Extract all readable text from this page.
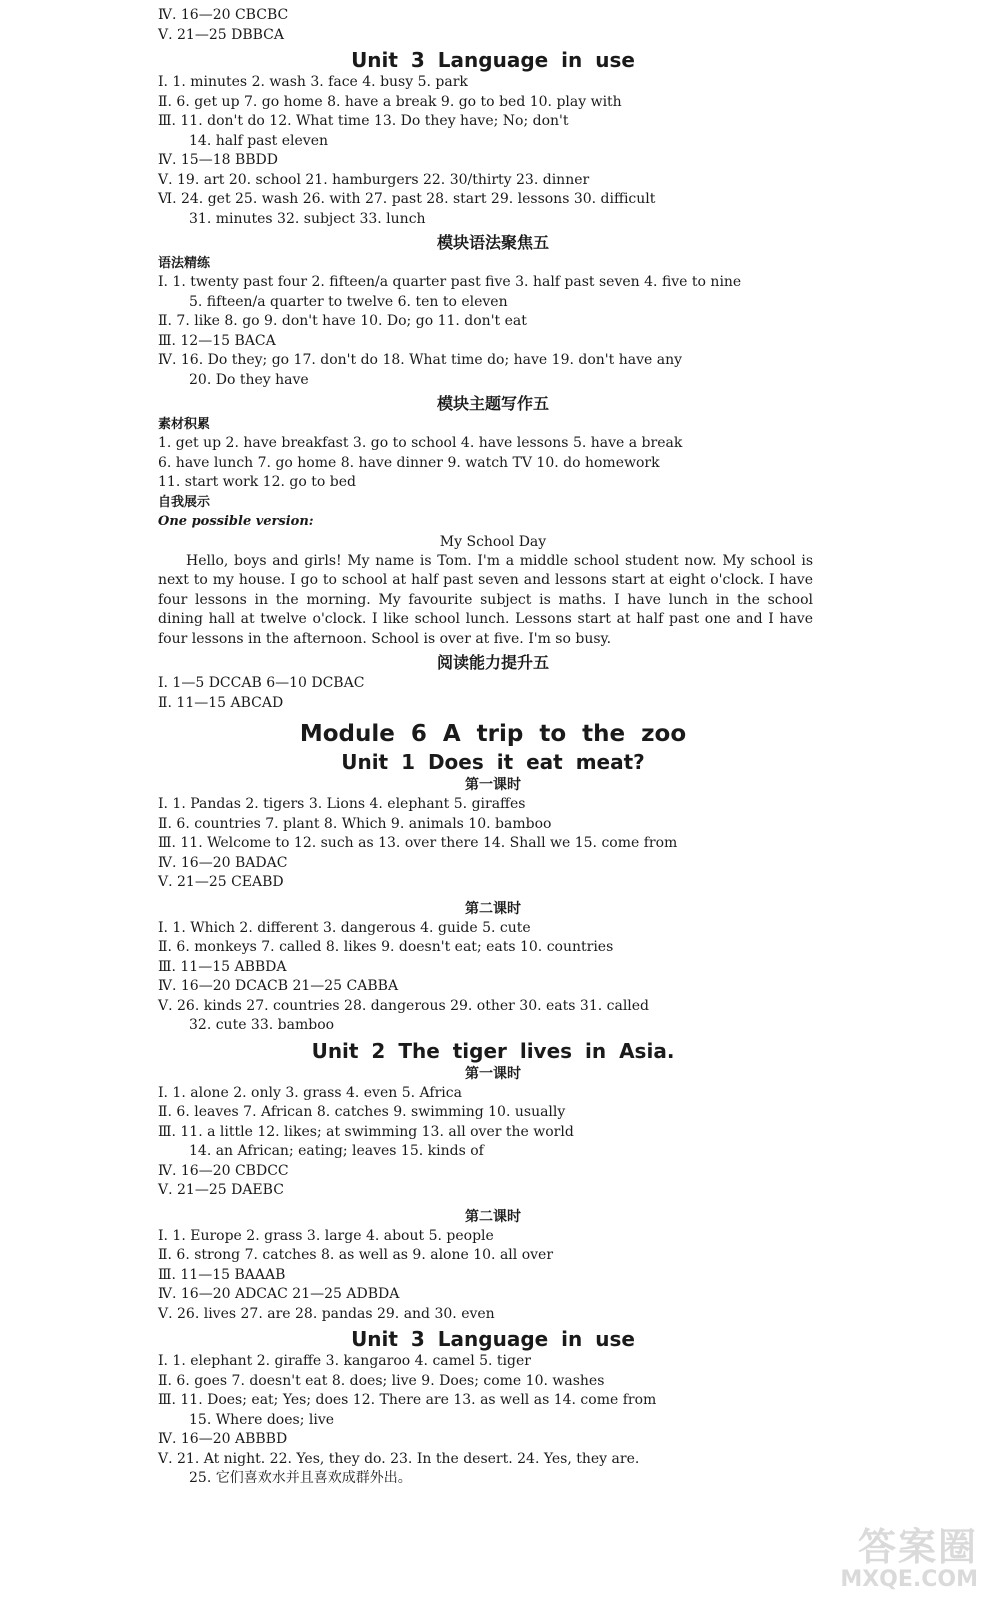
Ⅳ. 16—20 CBCBC
Ⅴ. 21—25 DBBCA
Unit 3 Language in use
Ⅰ. 1. minutes 2. wash 3. face 4. busy 5. park
Ⅱ. 6. get up 7. go home 8. have a break 9. go to bed 10. play with
Ⅲ. 11. don't do 12. What time 13. Do they have; No; don't
14. half past eleven
Ⅳ. 15—18 BBDD
Ⅴ. 19. art 20. school 21. hamburgers 22. 30/thirty 23. dinner
Ⅵ. 24. get 25. wash 26. with 27. past 28. start 29. lessons 30. difficult
31. minutes 32. subject 33. lunch
模块语法聚焦五
语法精练
Ⅰ. 1. twenty past four 2. fifteen/a quarter past five 3. half past seven 4. five to nine
5. fifteen/a quarter to twelve 6. ten to eleven
Ⅱ. 7. like 8. go 9. don't have 10. Do; go 11. don't eat
Ⅲ. 12—15 BACA
Ⅳ. 16. Do they; go 17. don't do 18. What time do; have 19. don't have any
20. Do they have
模块主题写作五
素材积累
1. get up 2. have breakfast 3. go to school 4. have lessons 5. have a break
6. have lunch 7. go home 8. have dinner 9. watch TV 10. do homework
11. start work 12. go to bed
自我展示
One possible version:
My School Day
Hello, boys and girls! My name is Tom. I'm a middle school student now. My school is next to my house. I go to school at half past seven and lessons start at eight o'clock. I have four lessons in the morning. My favourite subject is maths. I have lunch in the school dining hall at twelve o'clock. I like school lunch. Lessons start at half past one and I have four lessons in the afternoon. School is over at five. I'm so busy.
阅读能力提升五
Ⅰ. 1—5 DCCAB 6—10 DCBAC
Ⅱ. 11—15 ABCAD
Module 6 A trip to the zoo
Unit 1 Does it eat meat?
第一课时
Ⅰ. 1. Pandas 2. tigers 3. Lions 4. elephant 5. giraffes
Ⅱ. 6. countries 7. plant 8. Which 9. animals 10. bamboo
Ⅲ. 11. Welcome to 12. such as 13. over there 14. Shall we 15. come from
Ⅳ. 16—20 BADAC
Ⅴ. 21—25 CEABD
第二课时
Ⅰ. 1. Which 2. different 3. dangerous 4. guide 5. cute
Ⅱ. 6. monkeys 7. called 8. likes 9. doesn't eat; eats 10. countries
Ⅲ. 11—15 ABBDA
Ⅳ. 16—20 DCACB 21—25 CABBA
Ⅴ. 26. kinds 27. countries 28. dangerous 29. other 30. eats 31. called
32. cute 33. bamboo
Unit 2 The tiger lives in Asia.
第一课时
Ⅰ. 1. alone 2. only 3. grass 4. even 5. Africa
Ⅱ. 6. leaves 7. African 8. catches 9. swimming 10. usually
Ⅲ. 11. a little 12. likes; at swimming 13. all over the world
14. an African; eating; leaves 15. kinds of
Ⅳ. 16—20 CBDCC
Ⅴ. 21—25 DAEBC
第二课时
Ⅰ. 1. Europe 2. grass 3. large 4. about 5. people
Ⅱ. 6. strong 7. catches 8. as well as 9. alone 10. all over
Ⅲ. 11—15 BAAAB
Ⅳ. 16—20 ADCAC 21—25 ADBDA
Ⅴ. 26. lives 27. are 28. pandas 29. and 30. even
Unit 3 Language in use
Ⅰ. 1. elephant 2. giraffe 3. kangaroo 4. camel 5. tiger
Ⅱ. 6. goes 7. doesn't eat 8. does; live 9. Does; come 10. washes
Ⅲ. 11. Does; eat; Yes; does 12. There are 13. as well as 14. come from
15. Where does; live
Ⅳ. 16—20 ABBBD
Ⅴ. 21. At night. 22. Yes, they do. 23. In the desert. 24. Yes, they are.
25. 它们喜欢水并且喜欢成群外出。
答案圈
MXQE.COM
